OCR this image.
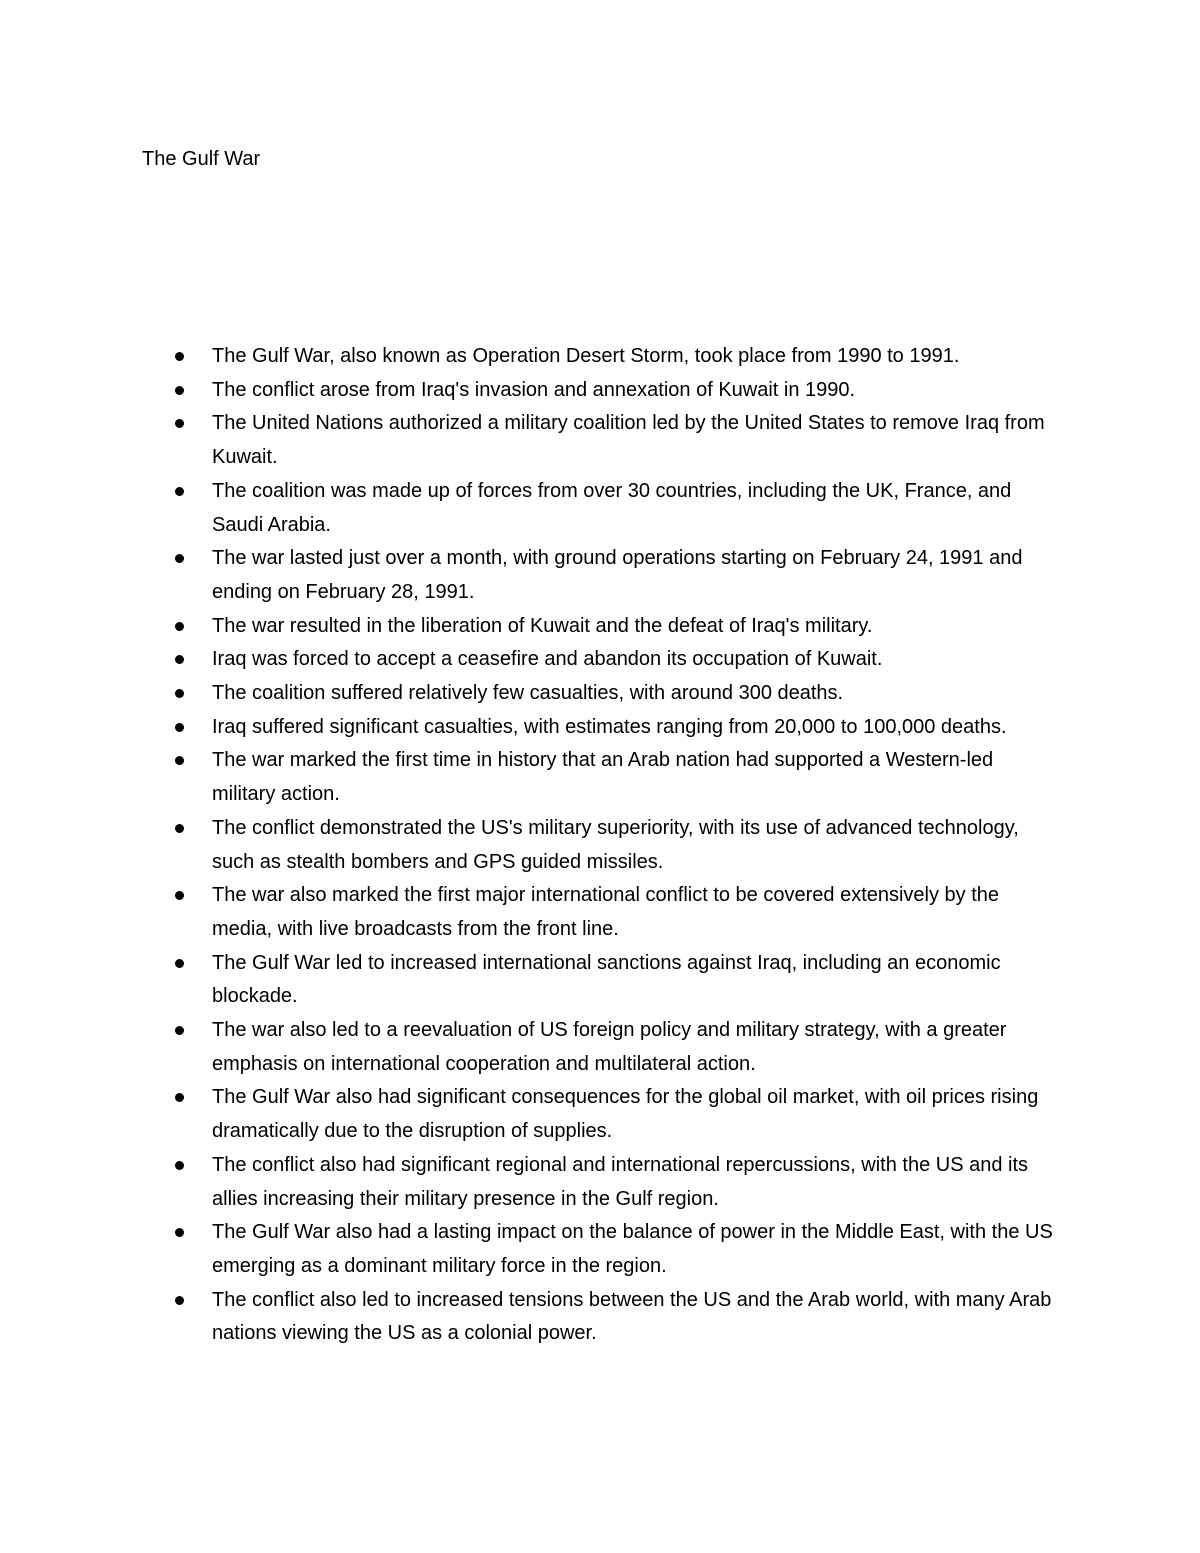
The Gulf War
The Gulf War, also known as Operation Desert Storm, took place from 1990 to 1991.
The conflict arose from Iraq's invasion and annexation of Kuwait in 1990.
The United Nations authorized a military coalition led by the United States to remove Iraq from Kuwait.
The coalition was made up of forces from over 30 countries, including the UK, France, and Saudi Arabia.
The war lasted just over a month, with ground operations starting on February 24, 1991 and ending on February 28, 1991.
The war resulted in the liberation of Kuwait and the defeat of Iraq's military.
Iraq was forced to accept a ceasefire and abandon its occupation of Kuwait.
The coalition suffered relatively few casualties, with around 300 deaths.
Iraq suffered significant casualties, with estimates ranging from 20,000 to 100,000 deaths.
The war marked the first time in history that an Arab nation had supported a Western-led military action.
The conflict demonstrated the US's military superiority, with its use of advanced technology, such as stealth bombers and GPS guided missiles.
The war also marked the first major international conflict to be covered extensively by the media, with live broadcasts from the front line.
The Gulf War led to increased international sanctions against Iraq, including an economic blockade.
The war also led to a reevaluation of US foreign policy and military strategy, with a greater emphasis on international cooperation and multilateral action.
The Gulf War also had significant consequences for the global oil market, with oil prices rising dramatically due to the disruption of supplies.
The conflict also had significant regional and international repercussions, with the US and its allies increasing their military presence in the Gulf region.
The Gulf War also had a lasting impact on the balance of power in the Middle East, with the US emerging as a dominant military force in the region.
The conflict also led to increased tensions between the US and the Arab world, with many Arab nations viewing the US as a colonial power.
